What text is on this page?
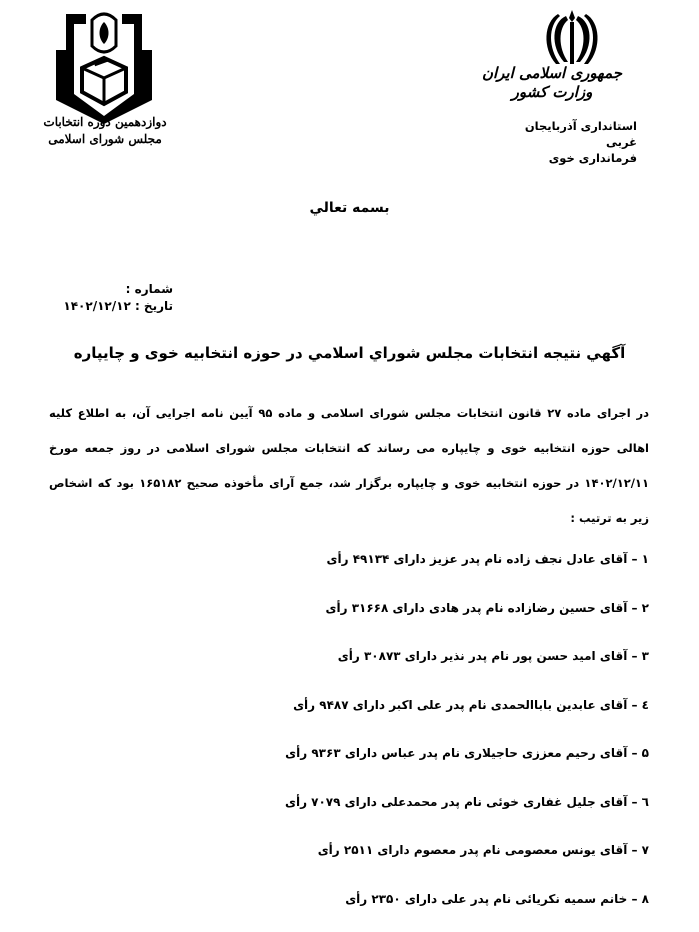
دوازدهمین دوره انتخابات
مجلس شورای اسلامی
جمهوری اسلامی ایران
وزارت کشور
استانداری آذربایجان
غربی
فرمانداری خوی
بسمه تعالي
شماره :
تاريخ : ۱۴۰۲/۱۲/۱۲
آگهي نتيجه انتخابات مجلس شوراي اسلامي در حوزه انتخابيه خوی و چايپاره
در اجرای ماده ۲۷ قانون انتخابات مجلس شورای اسلامی و ماده ۹۵ آیین نامه اجرایی آن، به اطلاع کلیه اهالی حوزه انتخابیه خوی و چایپاره می رساند که انتخابات مجلس شورای اسلامی در روز جمعه مورخ ۱۴۰۲/۱۲/۱۱ در حوزه انتخابیه خوی و چایپاره برگزار شد، جمع آرای مأخوذه صحیح ۱۶۵۱۸۲ بود که اشخاص زیر به ترتیب :
۱ – آقای عادل نجف زاده نام پدر عزیز دارای ۴۹۱۳۴ رأی
۲ – آقای حسین رضازاده نام پدر هادی دارای ۳۱۶۶۸ رأی
۳ – آقای امید حسن پور نام پدر نذیر دارای ۳۰۸۷۳ رأی
٤ – آقای عابدین باباالحمدی نام پدر علی اکبر دارای ۹۴۸۷ رأی
۵ – آقای رحیم معززی حاجیلاری نام پدر عباس دارای ۹۳۶۳ رأی
٦ – آقای جلیل غفاری خوئی نام پدر محمدعلی دارای ۷۰۷۹ رأی
۷ – آقای یونس معصومی نام پدر معصوم دارای ۲۵۱۱ رأی
۸ – خانم سمیه نکریائی نام پدر علی دارای ۲۳۵۰ رأی
